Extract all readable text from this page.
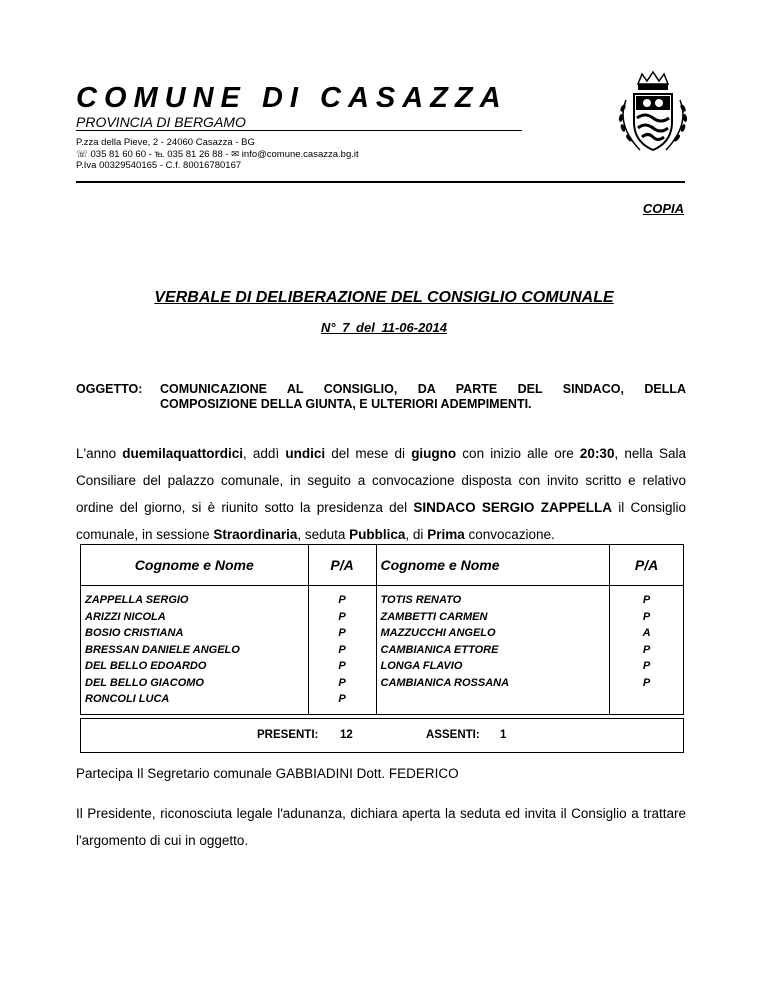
COMUNE DI CASAZZA
PROVINCIA DI BERGAMO
P.zza della Pieve, 2 - 24060 Casazza - BG
☏ 035 81 60 60 - ℡ 035 81 26 88 - ✉ info@comune.casazza.bg.it
P.Iva 00329540165 - C.f. 80016780167
COPIA
VERBALE DI DELIBERAZIONE DEL CONSIGLIO COMUNALE
N° 7 del 11-06-2014
OGGETTO: COMUNICAZIONE AL CONSIGLIO, DA PARTE DEL SINDACO, DELLA
COMPOSIZIONE DELLA GIUNTA, E ULTERIORI ADEMPIMENTI.
L'anno duemilaquattordici, addì undici del mese di giugno con inizio alle ore 20:30, nella Sala Consiliare del palazzo comunale, in seguito a convocazione disposta con invito scritto e relativo ordine del giorno, si è riunito sotto la presidenza del SINDACO SERGIO ZAPPELLA il Consiglio comunale, in sessione Straordinaria, seduta Pubblica, di Prima convocazione.
Cognome e Nome	P/A	Cognome e Nome	P/A
ZAPPELLA SERGIO	P	TOTIS RENATO	P
ARIZZI NICOLA	P	ZAMBETTI CARMEN	P
BOSIO CRISTIANA	P	MAZZUCCHI ANGELO	A
BRESSAN DANIELE ANGELO	P	CAMBIANICA ETTORE	P
DEL BELLO EDOARDO	P	LONGA FLAVIO	P
DEL BELLO GIACOMO	P	CAMBIANICA ROSSANA	P
RONCOLI LUCA	P		
PRESENTI: 12	ASSENTI: 1
Partecipa Il Segretario comunale GABBIADINI Dott. FEDERICO
Il Presidente, riconosciuta legale l'adunanza, dichiara aperta la seduta ed invita il Consiglio a trattare l'argomento di cui in oggetto.
